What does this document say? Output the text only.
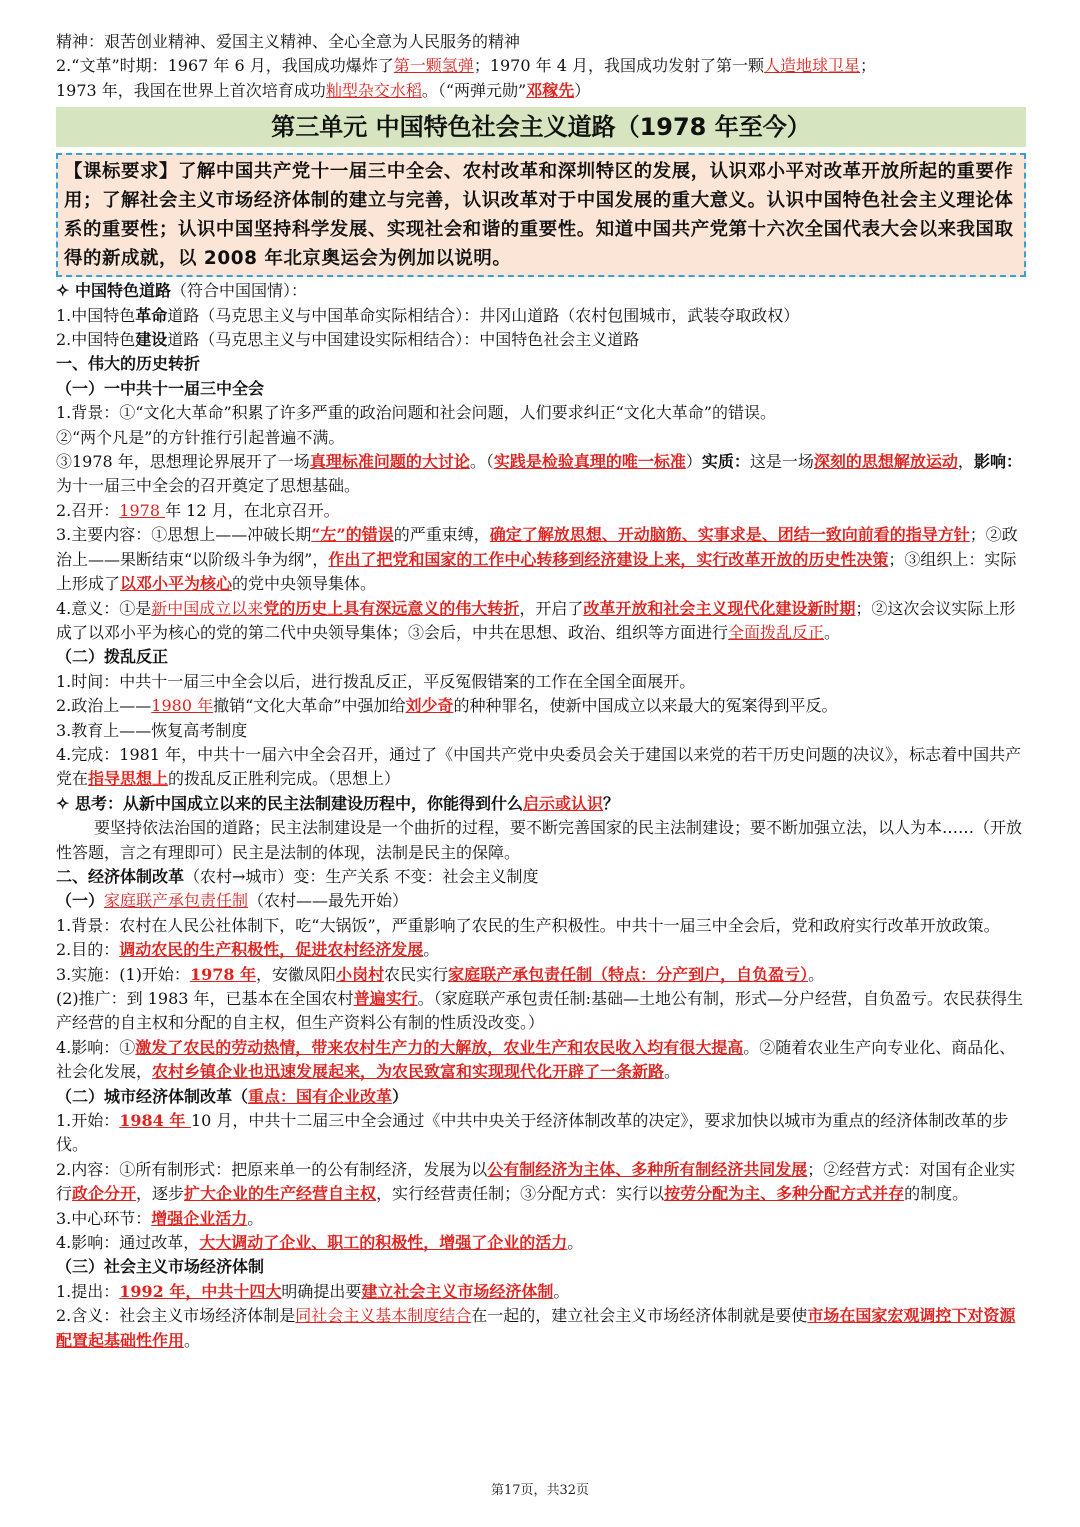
精神：艰苦创业精神、爱国主义精神、全心全意为人民服务的精神
2.“文革”时期：1967 年 6 月，我国成功爆炸了第一颗氢弹；1970 年 4 月，我国成功发射了第一颗人造地球卫星；
1973 年，我国在世界上首次培育成功籼型杂交水稻。（“两弹元勋”邓稼先）
第三单元 中国特色社会主义道路（1978 年至今）
【课标要求】了解中国共产党十一届三中全会、农村改革和深圳特区的发展，认识邓小平对改革开放所起的重要作用；了解社会主义市场经济体制的建立与完善，认识改革对于中国发展的重大意义。认识中国特色社会主义理论体系的重要性；认识中国坚持科学发展、实现社会和谐的重要性。知道中国共产党第十六次全国代表大会以来我国取得的新成就，以 2008 年北京奥运会为例加以说明。
✧ 中国特色道路（符合中国国情）：
1.中国特色革命道路（马克思主义与中国革命实际相结合）：井冈山道路（农村包围城市，武装夺取政权）
2.中国特色建设道路（马克思主义与中国建设实际相结合）：中国特色社会主义道路
一、伟大的历史转折
（一）一中共十一届三中全会
1.背景：①“文化大革命”积累了许多严重的政治问题和社会问题，人们要求纠正“文化大革命”的错误。
②“两个凡是”的方针推行引起普遍不满。
③1978 年，思想理论界展开了一场真理标准问题的大讨论。（实践是检验真理的唯一标准）实质：这是一场深刻的思想解放运动，影响：为十一届三中全会的召开奠定了思想基础。
2.召开：1978 年 12 月，在北京召开。
3.主要内容：①思想上——冲破长期“左”的错误的严重束缚，确定了解放思想、开动脑筋、实事求是、团结一致向前看的指导方针；②政治上——果断结束“以阶级斗争为纲”，作出了把党和国家的工作中心转移到经济建设上来，实行改革开放的历史性决策；③组织上：实际上形成了以邓小平为核心的党中央领导集体。
4.意义：①是新中国成立以来党的历史上具有深远意义的伟大转折，开启了改革开放和社会主义现代化建设新时期；②这次会议实际上形成了以邓小平为核心的党的第二代中央领导集体；③会后，中共在思想、政治、组织等方面进行全面拨乱反正。
（二）拨乱反正
1.时间：中共十一届三中全会以后，进行拨乱反正，平反冤假错案的工作在全国全面展开。
2.政治上——1980 年撤销“文化大革命”中强加给刘少奇的种种罪名，使新中国成立以来最大的冤案得到平反。
3.教育上——恢复高考制度
4.完成：1981 年，中共十一届六中全会召开，通过了《中国共产党中央委员会关于建国以来党的若干历史问题的决议》，标志着中国共产党在指导思想上的拨乱反正胜利完成。（思想上）
✧ 思考：从新中国成立以来的民主法制建设历程中，你能得到什么启示或认识？
要坚持依法治国的道路；民主法制建设是一个曲折的过程，要不断完善国家的民主法制建设；要不断加强立法，以人为本……（开放性答题，言之有理即可）民主是法制的体现，法制是民主的保障。
二、经济体制改革（农村→城市）变：生产关系 不变：社会主义制度
（一）家庭联产承包责任制（农村——最先开始）
1.背景：农村在人民公社体制下，吃“大锅饭”，严重影响了农民的生产积极性。中共十一届三中全会后，党和政府实行改革开放政策。
2.目的：调动农民的生产积极性，促进农村经济发展。
3.实施：(1)开始：1978 年，安徽凤阳小岗村农民实行家庭联产承包责任制（特点：分产到户，自负盈亏）。
(2)推广：到 1983 年，已基本在全国农村普遍实行。（家庭联产承包责任制:基础—土地公有制，形式—分户经营，自负盈亏。农民获得生产经营的自主权和分配的自主权，但生产资料公有制的性质没改变。）
4.影响：①激发了农民的劳动热情，带来农村生产力的大解放，农业生产和农民收入均有很大提高。②随着农业生产向专业化、商品化、社会化发展，农村乡镇企业也迅速发展起来，为农民致富和实现现代化开辟了一条新路。
（二）城市经济体制改革（重点：国有企业改革）
1.开始：1984 年 10 月，中共十二届三中全会通过《中共中央关于经济体制改革的决定》，要求加快以城市为重点的经济体制改革的步伐。
2.内容：①所有制形式：把原来单一的公有制经济，发展为以公有制经济为主体、多种所有制经济共同发展；②经营方式：对国有企业实行政企分开，逐步扩大企业的生产经营自主权，实行经营责任制；③分配方式：实行以按劳分配为主、多种分配方式并存的制度。
3.中心环节：增强企业活力。
4.影响：通过改革，大大调动了企业、职工的积极性，增强了企业的活力。
（三）社会主义市场经济体制
1.提出：1992 年，中共十四大明确提出要建立社会主义市场经济体制。
2.含义：社会主义市场经济体制是同社会主义基本制度结合在一起的，建立社会主义市场经济体制就是要使市场在国家宏观调控下对资源配置起基础性作用。
第17页，共32页
